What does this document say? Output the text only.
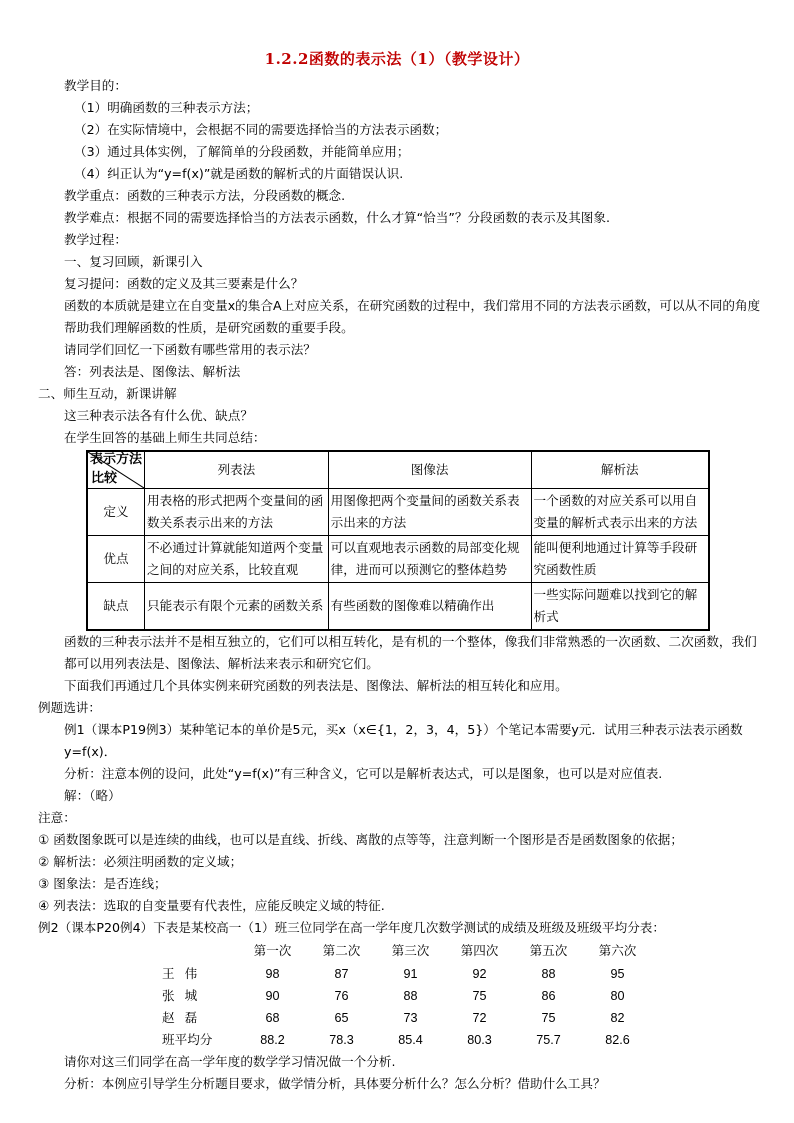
1.2.2函数的表示法（1）（教学设计）
教学目的：
（1）明确函数的三种表示方法；
（2）在实际情境中，会根据不同的需要选择恰当的方法表示函数；
（3）通过具体实例，了解简单的分段函数，并能简单应用；
（4）纠正认为“y=f(x)”就是函数的解析式的片面错误认识.
教学重点：函数的三种表示方法，分段函数的概念.
教学难点：根据不同的需要选择恰当的方法表示函数，什么才算“恰当”？分段函数的表示及其图象.
教学过程：
一、复习回顾，新课引入
复习提问：函数的定义及其三要素是什么？
函数的本质就是建立在自变量x的集合A上对应关系，在研究函数的过程中，我们常用不同的方法表示函数，可以从不同的角度帮助我们理解函数的性质，是研究函数的重要手段。
请同学们回忆一下函数有哪些常用的表示法？
答：列表法是、图像法、解析法
二、师生互动，新课讲解
这三种表示法各有什么优、缺点？
在学生回答的基础上师生共同总结：
表示方法
比较	列表法	图像法	解析法
定义	用表格的形式把两个变量间的函数关系表示出来的方法	用图像把两个变量间的函数关系表示出来的方法	一个函数的对应关系可以用自变量的解析式表示出来的方法
优点	不必通过计算就能知道两个变量之间的对应关系，比较直观	可以直观地表示函数的局部变化规律，进而可以预测它的整体趋势	能叫便利地通过计算等手段研究函数性质
缺点	只能表示有限个元素的函数关系	有些函数的图像难以精确作出	一些实际问题难以找到它的解析式
函数的三种表示法并不是相互独立的，它们可以相互转化，是有机的一个整体，像我们非常熟悉的一次函数、二次函数，我们都可以用列表法是、图像法、解析法来表示和研究它们。
下面我们再通过几个具体实例来研究函数的列表法是、图像法、解析法的相互转化和应用。
例题选讲：
例1（课本P19例3）某种笔记本的单价是5元，买x（x∈{1，2，3，4，5}）个笔记本需要y元．试用三种表示法表示函数y=f(x)．
分析：注意本例的设问，此处“y=f(x)”有三种含义，它可以是解析表达式，可以是图象，也可以是对应值表.
解：（略）
注意：
① 函数图象既可以是连续的曲线，也可以是直线、折线、离散的点等等，注意判断一个图形是否是函数图象的依据；
② 解析法：必须注明函数的定义域；
③ 图象法：是否连线；
④ 列表法：选取的自变量要有代表性，应能反映定义域的特征.
例2（课本P20例4）下表是某校高一（1）班三位同学在高一学年度几次数学测试的成绩及班级及班级平均分表：
	第一次	第二次	第三次	第四次	第五次	第六次
王伟	98	87	91	92	88	95
张城	90	76	88	75	86	80
赵磊	68	65	73	72	75	82
班平均分	88.2	78.3	85.4	80.3	75.7	82.6
请你对这三们同学在高一学年度的数学学习情况做一个分析.
分析：本例应引导学生分析题目要求，做学情分析，具体要分析什么？怎么分析？借助什么工具？
